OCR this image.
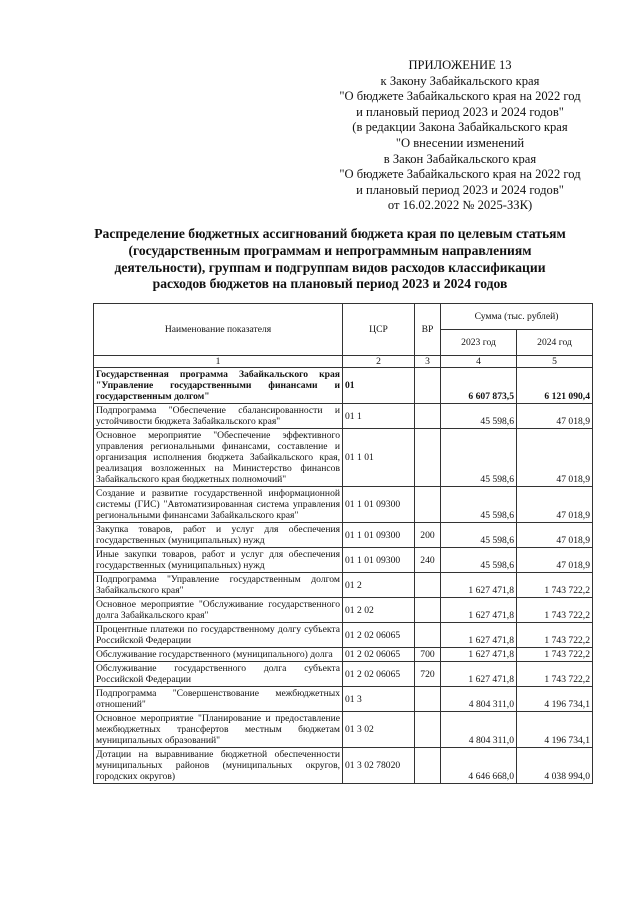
ПРИЛОЖЕНИЕ 13
к Закону Забайкальского края
"О бюджете Забайкальского края на 2022 год
и плановый период 2023 и 2024 годов"
(в редакции Закона Забайкальского края
"О внесении изменений
в Закон Забайкальского края
"О бюджете Забайкальского края на 2022 год
и плановый период 2023 и 2024 годов"
от 16.02.2022 № 2025-ЗЗК)
Распределение бюджетных ассигнований бюджета края по целевым статьям
(государственным программам и непрограммным направлениям
деятельности), группам и подгруппам видов расходов классификации
расходов бюджетов на плановый период 2023 и 2024 годов
Наименование показателя	ЦСР	ВР	Сумма (тыс. рублей)	
			2023 год	2024 год
1	2	3	4	5
Государственная программа Забайкальского края "Управление государственными финансами и государственным долгом"	01		6 607 873,5	6 121 090,4
Подпрограмма "Обеспечение сбалансированности и устойчивости бюджета Забайкальского края"	01 1		45 598,6	47 018,9
Основное мероприятие "Обеспечение эффективного управления региональными финансами, составление и организация исполнения бюджета Забайкальского края, реализация возложенных на Министерство финансов Забайкальского края бюджетных полномочий"	01 1 01		45 598,6	47 018,9
Создание и развитие государственной информационной системы (ГИС) "Автоматизированная система управления региональными финансами Забайкальского края"	01 1 01 09300		45 598,6	47 018,9
Закупка товаров, работ и услуг для обеспечения государственных (муниципальных) нужд	01 1 01 09300	200	45 598,6	47 018,9
Иные закупки товаров, работ и услуг для обеспечения государственных (муниципальных) нужд	01 1 01 09300	240	45 598,6	47 018,9
Подпрограмма "Управление государственным долгом Забайкальского края"	01 2		1 627 471,8	1 743 722,2
Основное мероприятие "Обслуживание государственного долга Забайкальского края"	01 2 02		1 627 471,8	1 743 722,2
Процентные платежи по государственному долгу субъекта Российской Федерации	01 2 02 06065		1 627 471,8	1 743 722,2
Обслуживание государственного (муниципального) долга	01 2 02 06065	700	1 627 471,8	1 743 722,2
Обслуживание государственного долга субъекта Российской Федерации	01 2 02 06065	720	1 627 471,8	1 743 722,2
Подпрограмма "Совершенствование межбюджетных отношений"	01 3		4 804 311,0	4 196 734,1
Основное мероприятие "Планирование и предоставление межбюджетных трансфертов местным бюджетам муниципальных образований"	01 3 02		4 804 311,0	4 196 734,1
Дотации на выравнивание бюджетной обеспеченности муниципальных районов (муниципальных округов, городских округов)	01 3 02 78020		4 646 668,0	4 038 994,0
